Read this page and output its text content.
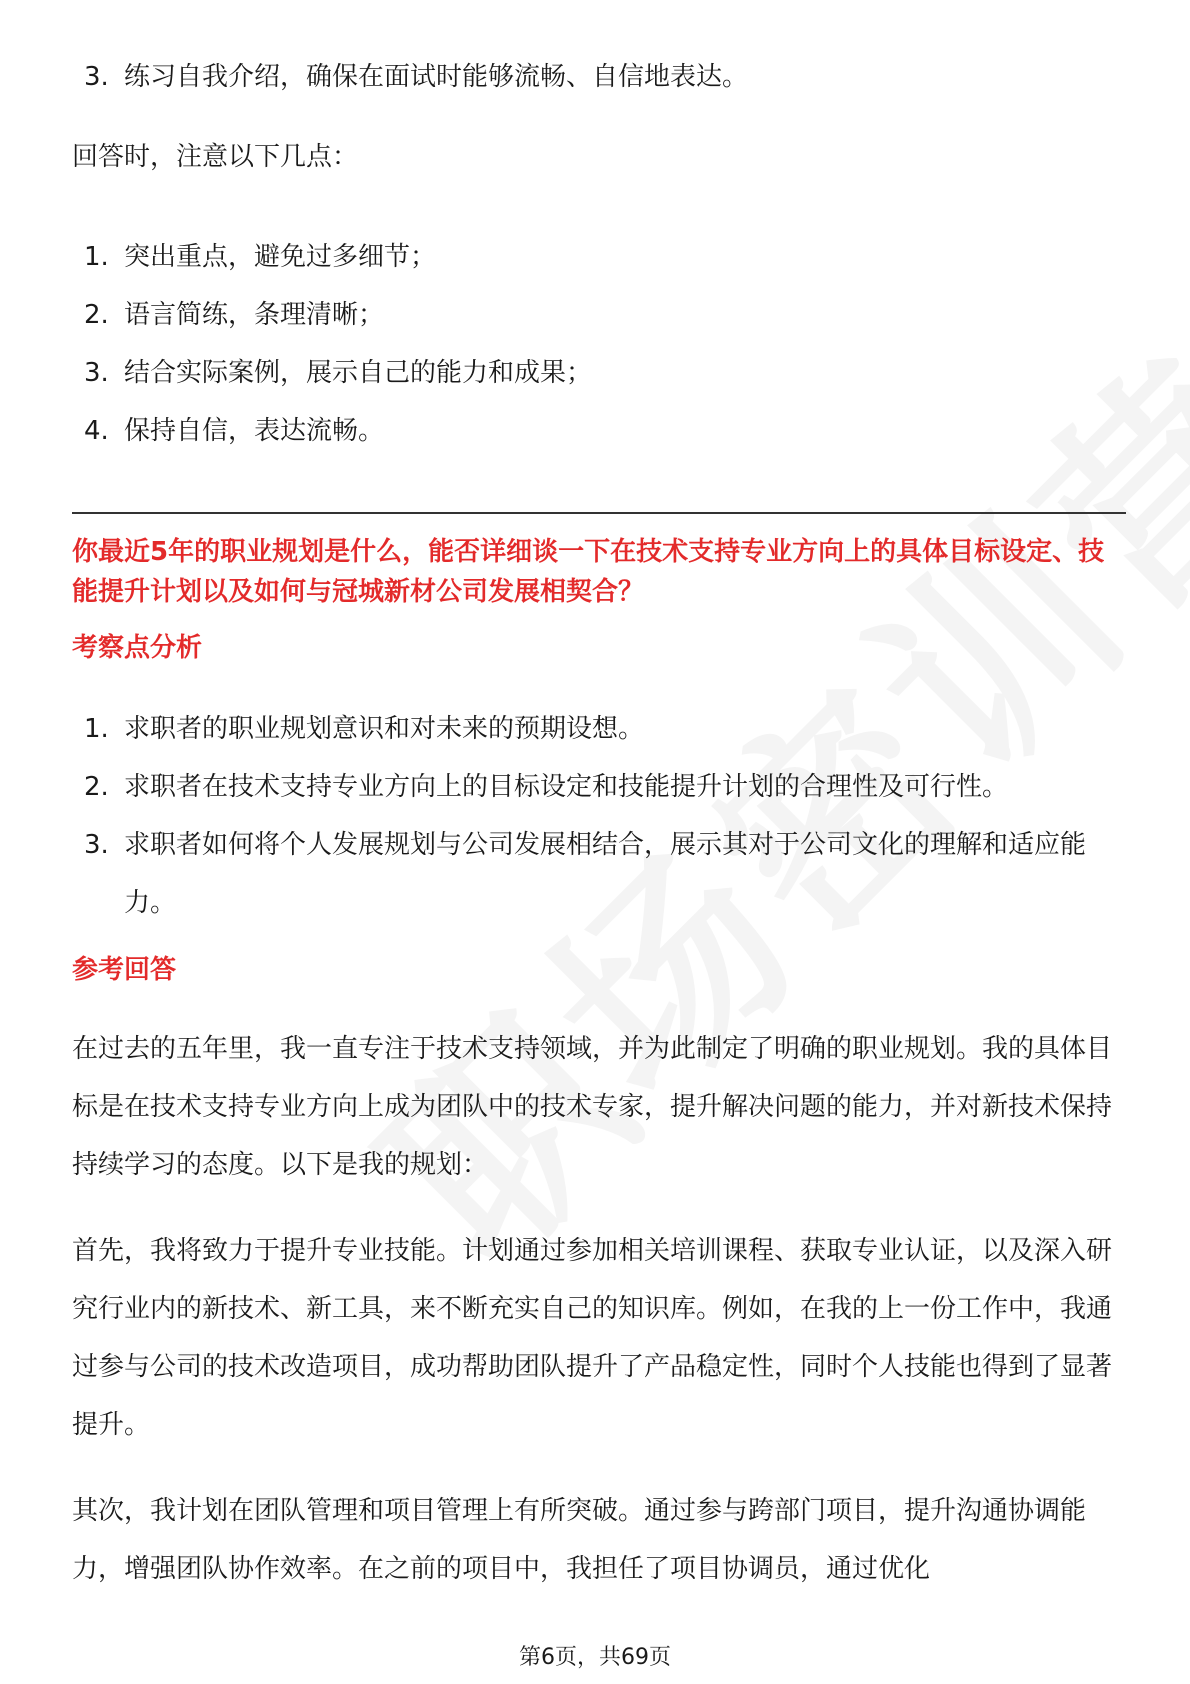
3. 练习自我介绍，确保在面试时能够流畅、自信地表达。

回答时，注意以下几点：

1. 突出重点，避免过多细节；
2. 语言简练，条理清晰；
3. 结合实际案例，展示自己的能力和成果；
4. 保持自信，表达流畅。
你最近5年的职业规划是什么，能否详细谈一下在技术支持专业方向上的具体目标设定、技能提升计划以及如何与冠城新材公司发展相契合？
考察点分析
1. 求职者的职业规划意识和对未来的预期设想。
2. 求职者在技术支持专业方向上的目标设定和技能提升计划的合理性及可行性。
3. 求职者如何将个人发展规划与公司发展相结合，展示其对于公司文化的理解和适应能力。
参考回答

在过去的五年里，我一直专注于技术支持领域，并为此制定了明确的职业规划。我的具体目标是在技术支持专业方向上成为团队中的技术专家，提升解决问题的能力，并对新技术保持持续学习的态度。以下是我的规划：

首先，我将致力于提升专业技能。计划通过参加相关培训课程、获取专业认证，以及深入研究行业内的新技术、新工具，来不断充实自己的知识库。例如，在我的上一份工作中，我通过参与公司的技术改造项目，成功帮助团队提升了产品稳定性，同时个人技能也得到了显著提升。

其次，我计划在团队管理和项目管理上有所突破。通过参与跨部门项目，提升沟通协调能力，增强团队协作效率。在之前的项目中，我担任了项目协调员，通过优化

第6页，共69页
